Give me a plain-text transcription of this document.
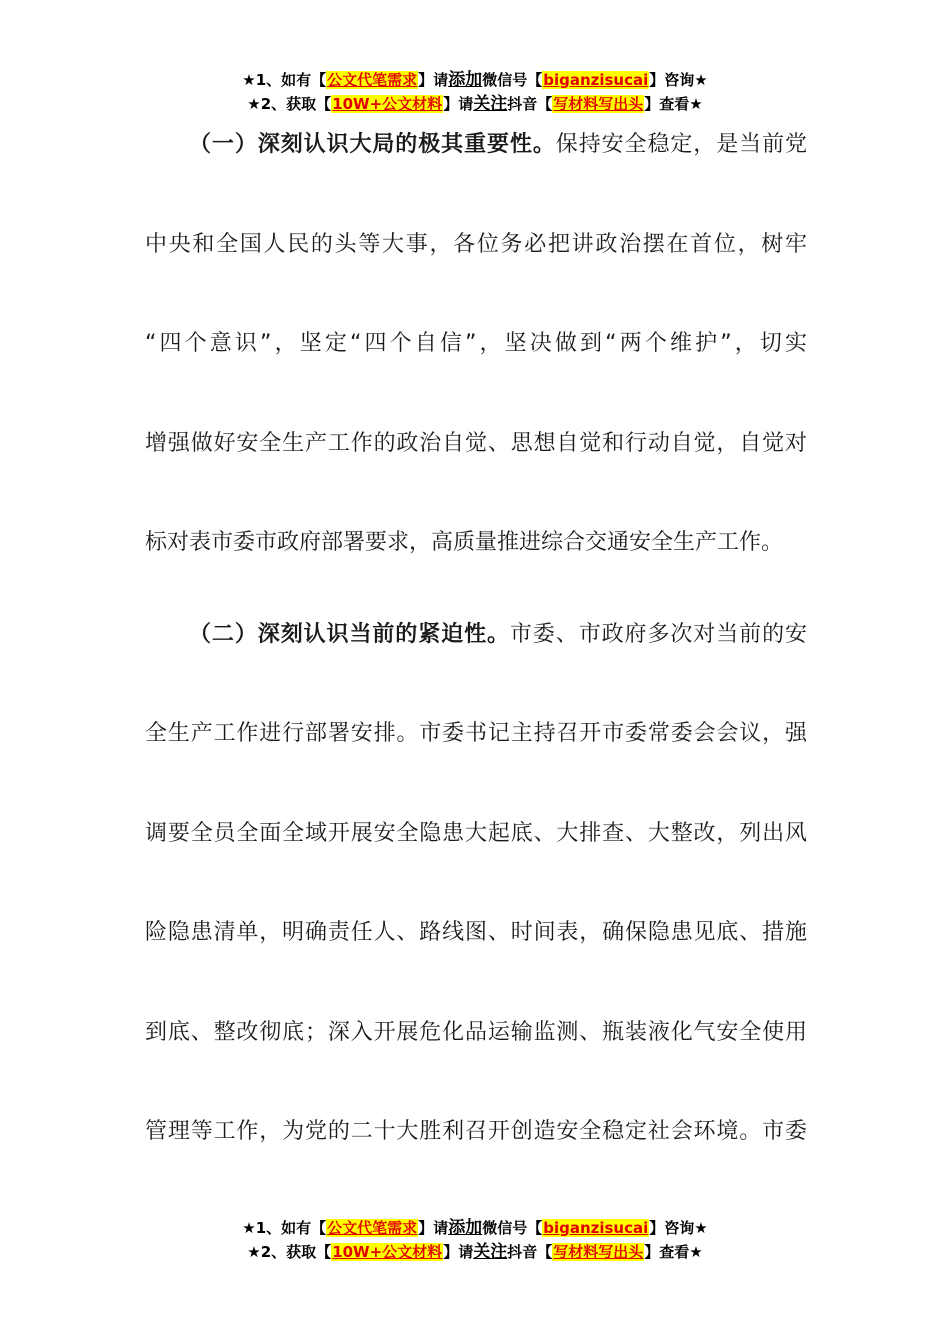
★1、如有【公文代笔需求】请添加微信号【biganzisucai】咨询★
★2、获取【10W+公文材料】请关注抖音【写材料写出头】查看★
（一）深刻认识大局的极其重要性。保持安全稳定，是当前党
中央和全国人民的头等大事，各位务必把讲政治摆在首位，树牢
“四个意识”，坚定“四个自信”，坚决做到“两个维护”，切实
增强做好安全生产工作的政治自觉、思想自觉和行动自觉，自觉对
标对表市委市政府部署要求，高质量推进综合交通安全生产工作。
（二）深刻认识当前的紧迫性。市委、市政府多次对当前的安
全生产工作进行部署安排。市委书记主持召开市委常委会会议，强
调要全员全面全域开展安全隐患大起底、大排查、大整改，列出风
险隐患清单，明确责任人、路线图、时间表，确保隐患见底、措施
到底、整改彻底；深入开展危化品运输监测、瓶装液化气安全使用
管理等工作，为党的二十大胜利召开创造安全稳定社会环境。市委
★1、如有【公文代笔需求】请添加微信号【biganzisucai】咨询★
★2、获取【10W+公文材料】请关注抖音【写材料写出头】查看★
